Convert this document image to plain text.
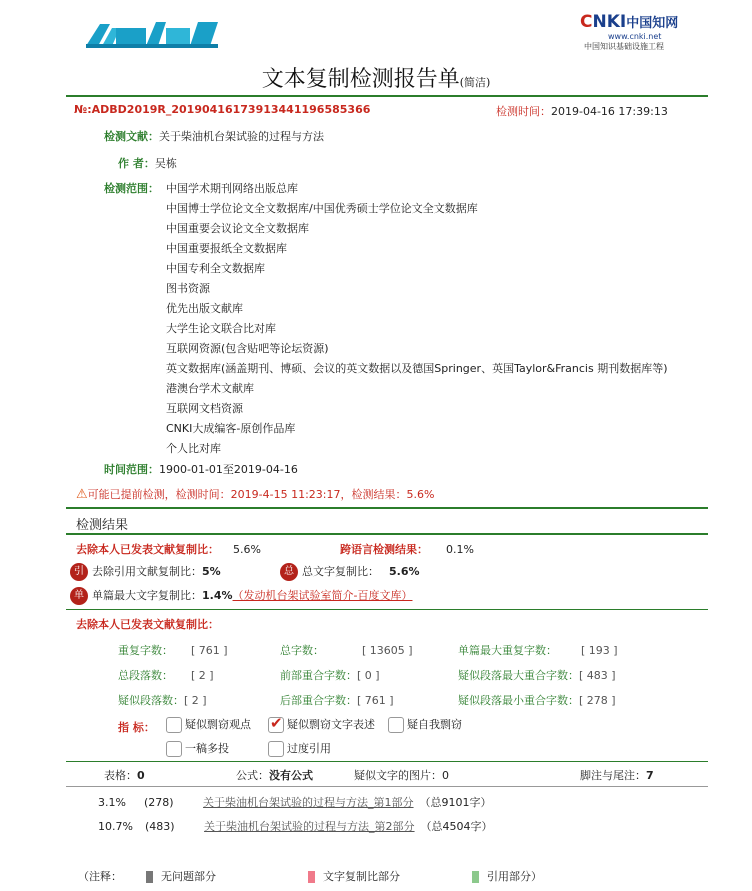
CNKI中国知网
www.cnki.net
中国知识基础设施工程
文本复制检测报告单(简洁)
№:ADBD2019R_20190416173913441196585366	检测时间：2019-04-16 17:39:13
检测文献：关于柴油机台架试验的过程与方法
作 者：吴栋
检测范围： 中国学术期刊网络出版总库
中国博士学位论文全文数据库/中国优秀硕士学位论文全文数据库
中国重要会议论文全文数据库
中国重要报纸全文数据库
中国专利全文数据库
图书资源
优先出版文献库
大学生论文联合比对库
互联网资源(包含贴吧等论坛资源)
英文数据库(涵盖期刊、博硕、会议的英文数据以及德国Springer、英国Taylor&Francis 期刊数据库等)
港澳台学术文献库
互联网文档资源
CNKI大成编客-原创作品库
个人比对库
时间范围：1900-01-01至2019-04-16
⚠可能已提前检测，检测时间：2019-4-15 11:23:17，检测结果：5.6%
检测结果
去除本人已发表文献复制比： 5.6%	跨语言检测结果： 0.1%
引 去除引用文献复制比：5%	总 总文字复制比： 5.6%
单 单篇最大文字复制比：1.4%（发动机台架试验室简介-百度文库）
去除本人已发表文献复制比：
重复字数： [ 761 ]	总字数：	[ 13605 ]	单篇最大重复字数： [ 193 ]
总段落数： [ 2 ]	前部重合字数：[ 0 ]	疑似段落最大重合字数：[ 483 ]
疑似段落数：[ 2 ]	后部重合字数：[ 761 ]	疑似段落最小重合字数：[ 278 ]
指 标：	疑似剽窃观点
✔	疑似剽窃文字表述	疑自我剽窃
一稿多投	过度引用
表格：0	公式：没有公式	疑似文字的图片：0	脚注与尾注：7
3.1% (278)	关于柴油机台架试验的过程与方法_第1部分 （总9101字）
10.7% (483)	关于柴油机台架试验的过程与方法_第2部分 （总4504字）
（注释：	无问题部分	文字复制比部分	引用部分）
